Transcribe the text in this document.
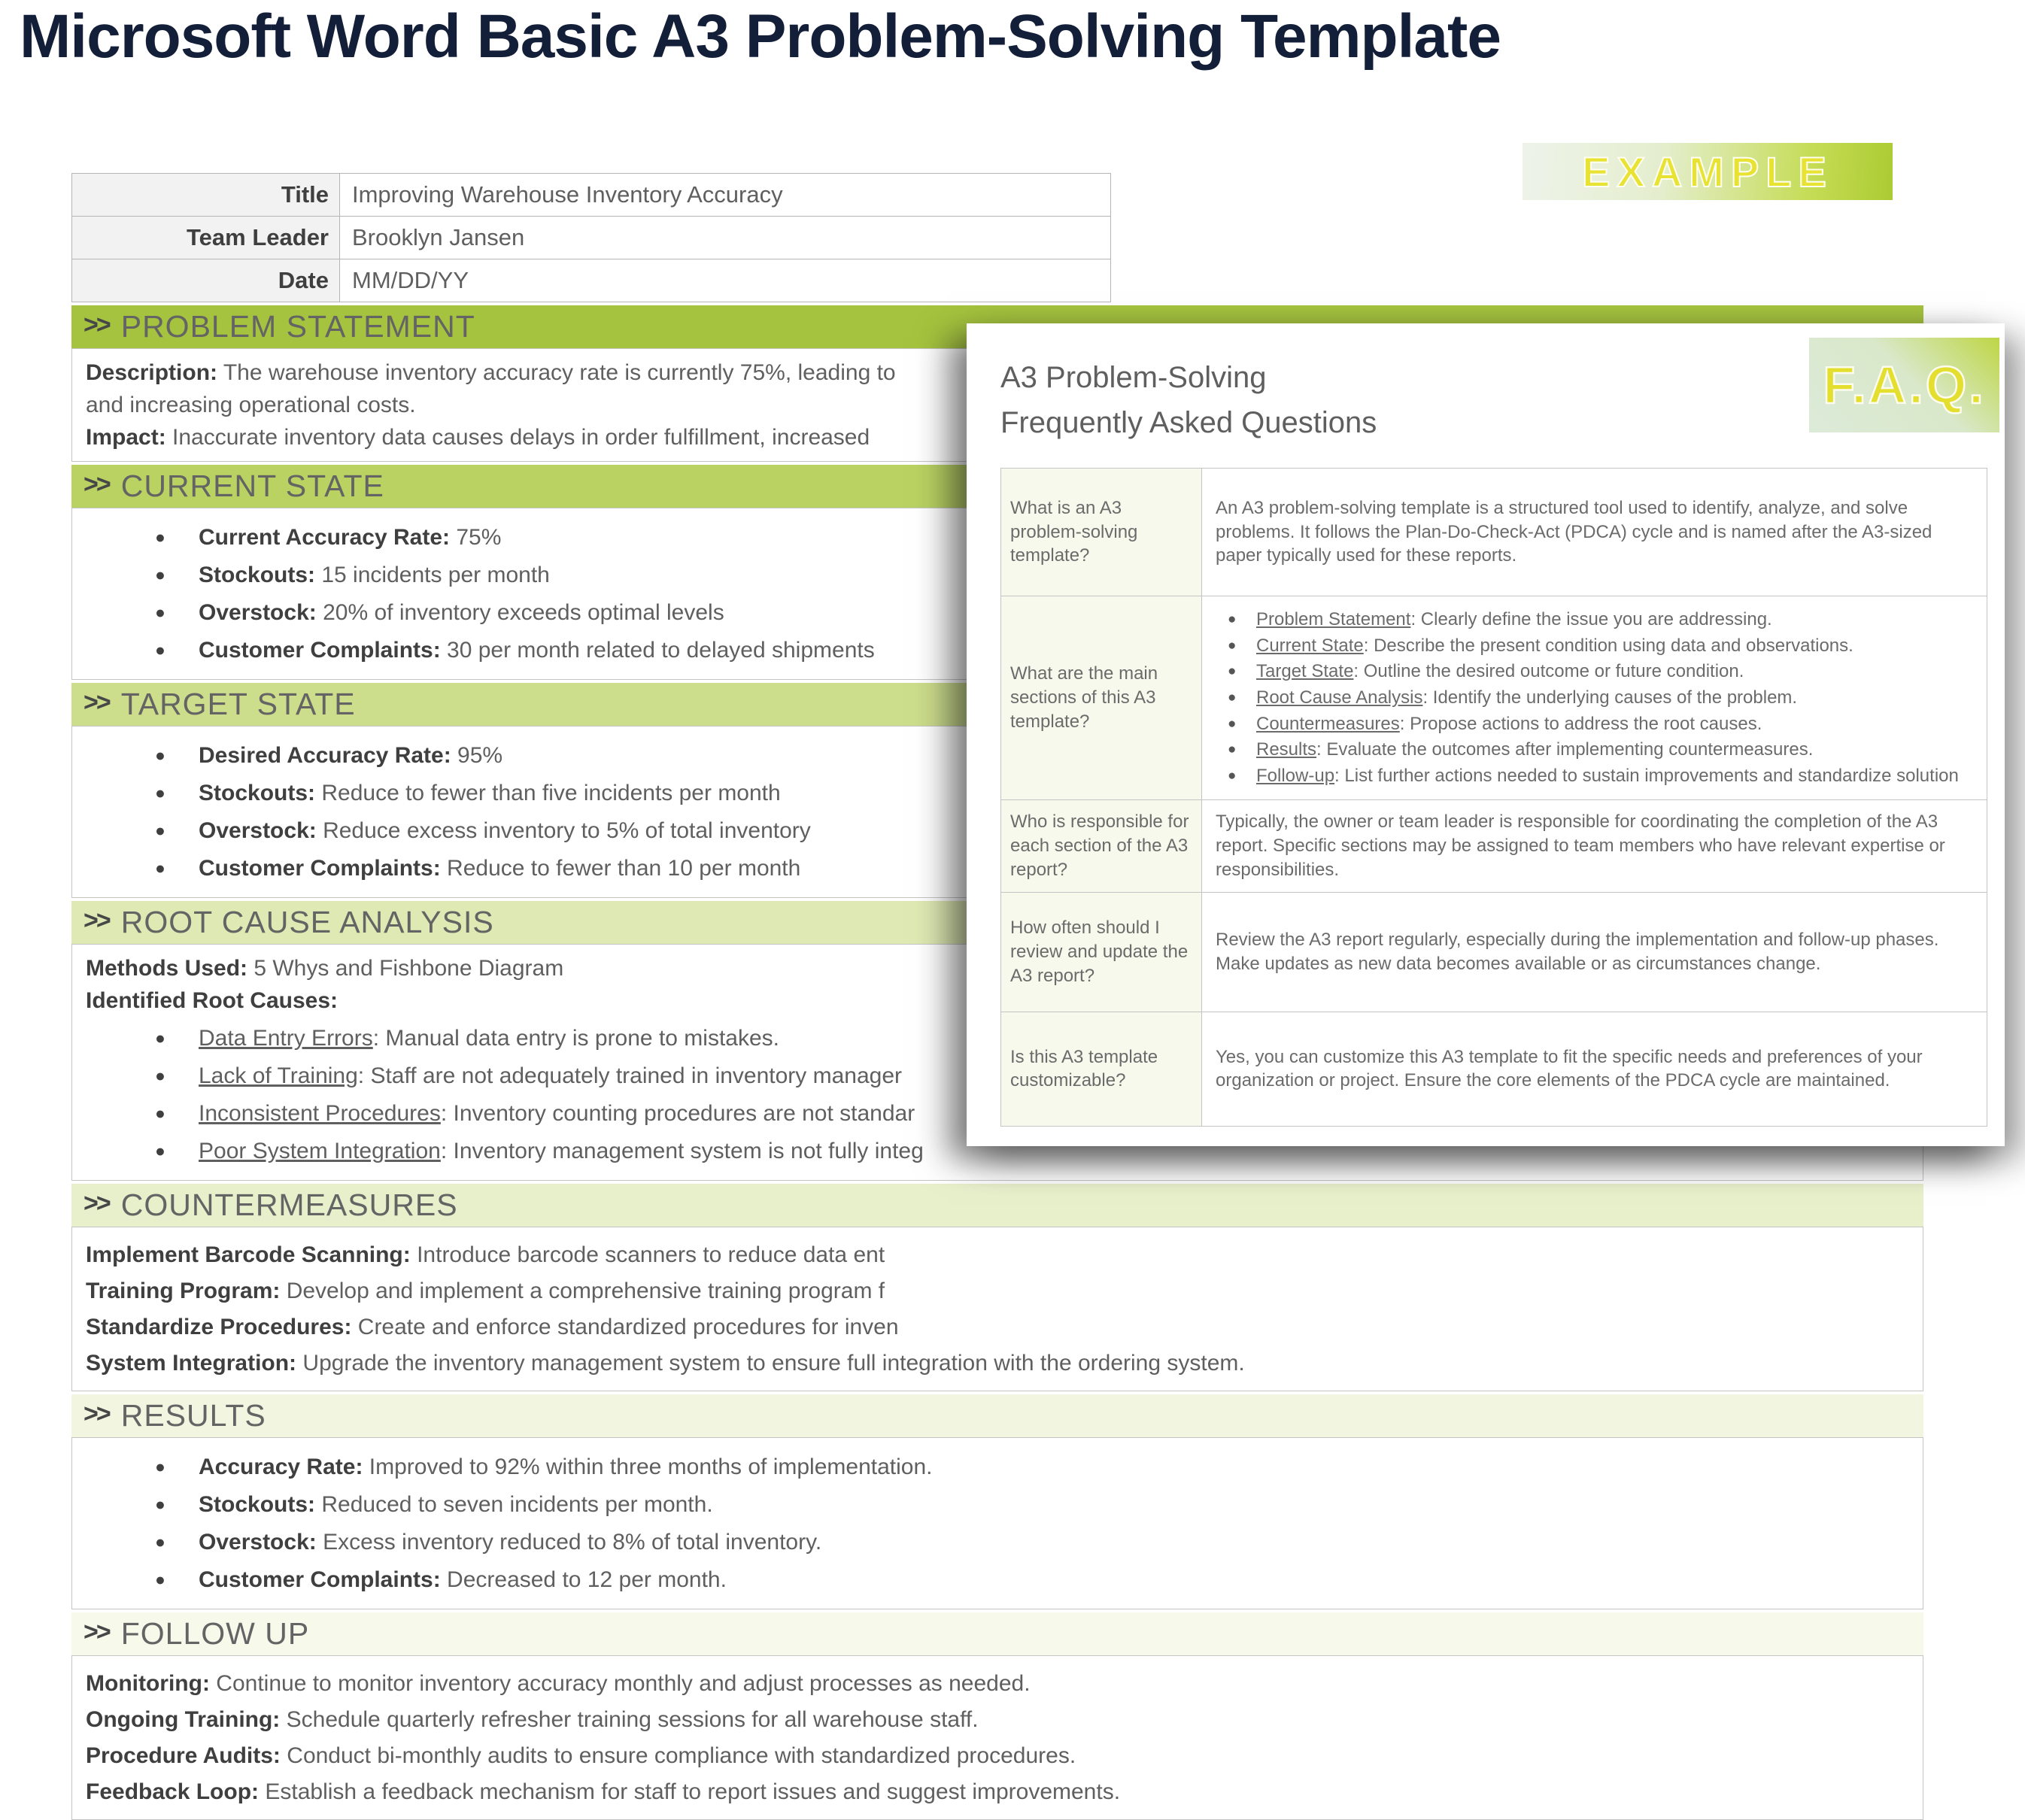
Microsoft Word Basic A3 Problem-Solving Template
EXAMPLE
Title	Improving Warehouse Inventory Accuracy
Team Leader	Brooklyn Jansen
Date	MM/DD/YY
>> PROBLEM STATEMENT
Description: The warehouse inventory accuracy rate is currently 75%, leading to
and increasing operational costs.
Impact: Inaccurate inventory data causes delays in order fulfillment, increased
>> CURRENT STATE
●	Current Accuracy Rate: 75%
●	Stockouts: 15 incidents per month
●	Overstock: 20% of inventory exceeds optimal levels
●	Customer Complaints: 30 per month related to delayed shipments
>> TARGET STATE
●	Desired Accuracy Rate: 95%
●	Stockouts: Reduce to fewer than five incidents per month
●	Overstock: Reduce excess inventory to 5% of total inventory
●	Customer Complaints: Reduce to fewer than 10 per month
>> ROOT CAUSE ANALYSIS
Methods Used: 5 Whys and Fishbone Diagram
Identified Root Causes:
●	Data Entry Errors: Manual data entry is prone to mistakes.
●	Lack of Training: Staff are not adequately trained in inventory manager
●	Inconsistent Procedures: Inventory counting procedures are not standar
●	Poor System Integration: Inventory management system is not fully integ
>> COUNTERMEASURES
Implement Barcode Scanning: Introduce barcode scanners to reduce data ent
Training Program: Develop and implement a comprehensive training program f
Standardize Procedures: Create and enforce standardized procedures for inven
System Integration: Upgrade the inventory management system to ensure full integration with the ordering system.
>> RESULTS
●	Accuracy Rate: Improved to 92% within three months of implementation.
●	Stockouts: Reduced to seven incidents per month.
●	Overstock: Excess inventory reduced to 8% of total inventory.
●	Customer Complaints: Decreased to 12 per month.
>> FOLLOW UP
Monitoring: Continue to monitor inventory accuracy monthly and adjust processes as needed.
Ongoing Training: Schedule quarterly refresher training sessions for all warehouse staff.
Procedure Audits: Conduct bi-monthly audits to ensure compliance with standardized procedures.
Feedback Loop: Establish a feedback mechanism for staff to report issues and suggest improvements.
A3 Problem-Solving
Frequently Asked Questions
F.A.Q.
What is an A3 problem-solving template?	An A3 problem-solving template is a structured tool used to identify, analyze, and solve problems. It follows the Plan-Do-Check-Act (PDCA) cycle and is named after the A3-sized paper typically used for these reports.
What are the main sections of this A3 template?	
●	Problem Statement: Clearly define the issue you are addressing.
●	Current State: Describe the present condition using data and observations.
●	Target State: Outline the desired outcome or future condition.
●	Root Cause Analysis: Identify the underlying causes of the problem.
●	Countermeasures: Propose actions to address the root causes.
●	Results: Evaluate the outcomes after implementing countermeasures.
●	Follow-up: List further actions needed to sustain improvements and standardize solution

Who is responsible for each section of the A3 report?	Typically, the owner or team leader is responsible for coordinating the completion of the A3 report. Specific sections may be assigned to team members who have relevant expertise or responsibilities.
How often should I review and update the A3 report?	Review the A3 report regularly, especially during the implementation and follow-up phases. Make updates as new data becomes available or as circumstances change.
Is this A3 template customizable?	Yes, you can customize this A3 template to fit the specific needs and preferences of your organization or project. Ensure the core elements of the PDCA cycle are maintained.
